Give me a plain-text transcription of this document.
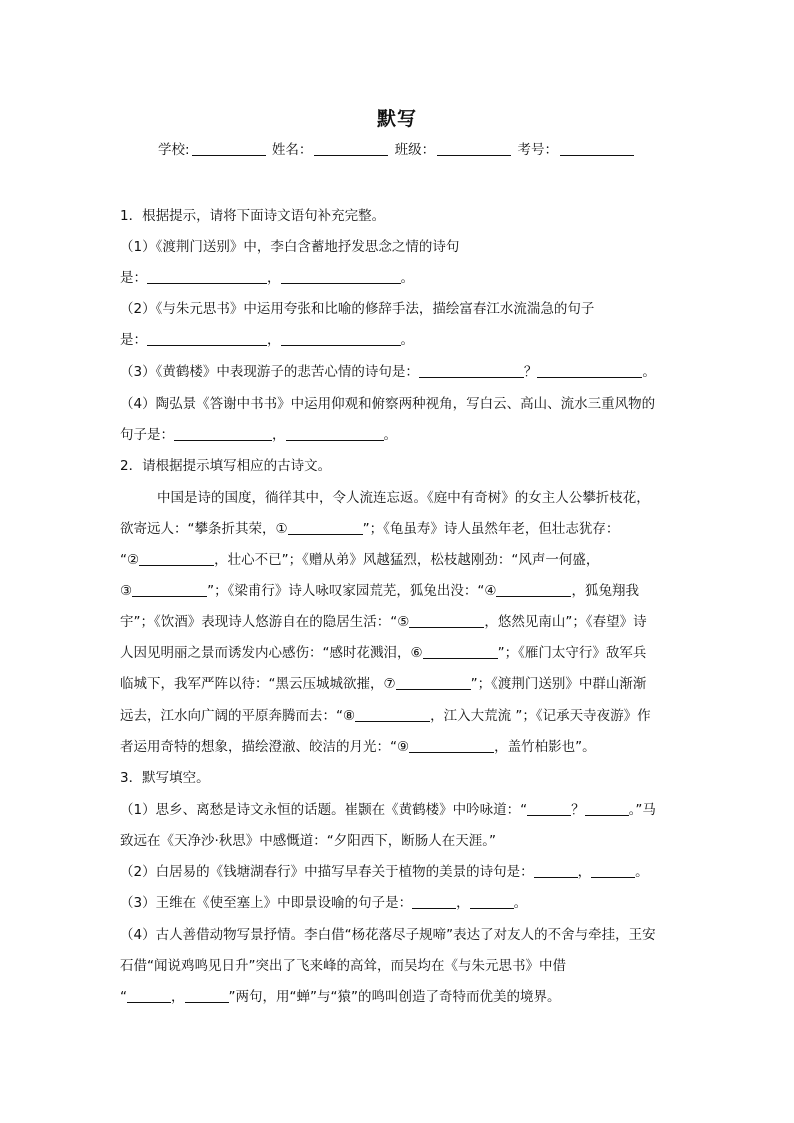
默写
学校:	姓名：	班级：	考号：
1．根据提示，请将下面诗文语句补充完整。
（1）《渡荆门送别》中，李白含蓄地抒发思念之情的诗句
是：	，	。
（2）《与朱元思书》中运用夸张和比喻的修辞手法，描绘富春江水流湍急的句子
是：	，	。
（3）《黄鹤楼》中表现游子的悲苦心情的诗句是：	？	。
（4）陶弘景《答谢中书书》中运用仰观和俯察两种视角，写白云、高山、流水三重风物的
句子是：	，	。
2．请根据提示填写相应的古诗文。
中国是诗的国度，徜徉其中，令人流连忘返。《庭中有奇树》的女主人公攀折枝花，
欲寄远人：“攀条折其荣，①	”；《龟虽寿》诗人虽然年老，但壮志犹存：
“②	，壮心不已”；《赠从弟》风越猛烈，松枝越刚劲：“风声一何盛，
③	”；《梁甫行》诗人咏叹家园荒芜，狐兔出没：“④	，狐兔翔我
宇”；《饮酒》表现诗人悠游自在的隐居生活：“⑤	，悠然见南山”；《春望》诗
人因见明丽之景而诱发内心感伤：“感时花溅泪，⑥	”；《雁门太守行》敌军兵
临城下，我军严阵以待：“黑云压城城欲摧，⑦	”；《渡荆门送别》中群山渐渐
远去，江水向广阔的平原奔腾而去：“⑧	，江入大荒流 ”；《记承天寺夜游》作
者运用奇特的想象，描绘澄澈、皎洁的月光：“⑨	，盖竹柏影也”。
3．默写填空。
（1）思乡、离愁是诗文永恒的话题。崔颢在《黄鹤楼》中吟咏道：“	？	。”马
致远在《天净沙·秋思》中感慨道：“夕阳西下，断肠人在天涯。”
（2）白居易的《钱塘湖春行》中描写早春关于植物的美景的诗句是：	，	。
（3）王维在《使至塞上》中即景设喻的句子是：	，	。
（4）古人善借动物写景抒情。李白借“杨花落尽子规啼”表达了对友人的不舍与牵挂，王安
石借“闻说鸡鸣见日升”突出了飞来峰的高耸，而吴均在《与朱元思书》中借
“	，	”两句，用“蝉”与“猿”的鸣叫创造了奇特而优美的境界。
